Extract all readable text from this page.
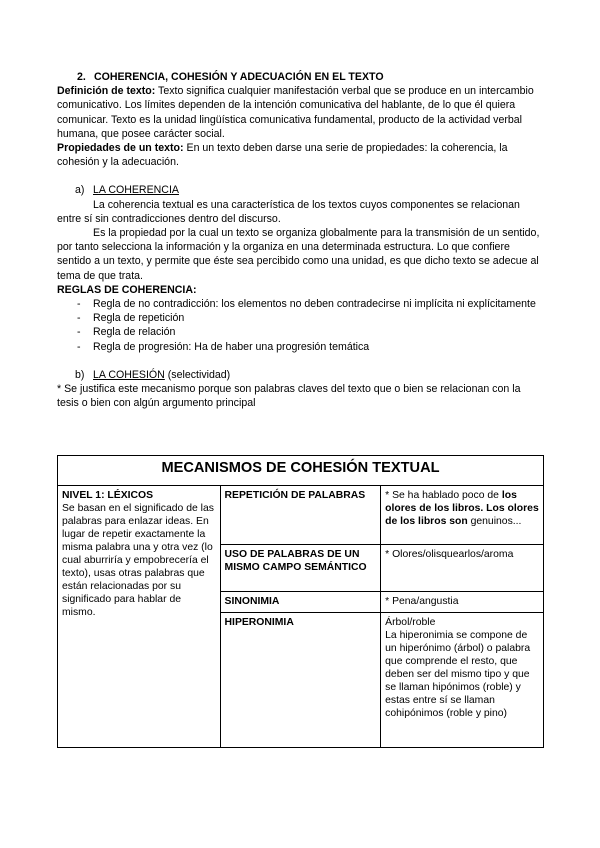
2. COHERENCIA, COHESIÓN Y ADECUACIÓN EN EL TEXTO

Definición de texto: Texto significa cualquier manifestación verbal que se produce en un intercambio comunicativo. Los límites dependen de la intención comunicativa del hablante, de lo que él quiera comunicar. Texto es la unidad lingüística comunicativa fundamental, producto de la actividad verbal humana, que posee carácter social.

Propiedades de un texto: En un texto deben darse una serie de propiedades: la coherencia, la cohesión y la adecuación.

a) LA COHERENCIA

La coherencia textual es una característica de los textos cuyos componentes se relacionan entre sí sin contradicciones dentro del discurso.

Es la propiedad por la cual un texto se organiza globalmente para la transmisión de un sentido, por tanto selecciona la información y la organiza en una determinada estructura. Lo que confiere sentido a un texto, y permite que éste sea percibido como una unidad, es que dicho texto se adecue al tema de que trata.

REGLAS DE COHERENCIA:

- Regla de no contradicción: los elementos no deben contradecirse ni implícita ni explícitamente
- Regla de repetición
- Regla de relación
- Regla de progresión: Ha de haber una progresión temática

b) LA COHESIÓN (selectividad)

* Se justifica este mecanismo porque son palabras claves del texto que o bien se relacionan con la tesis o bien con algún argumento principal

MECANISMOS DE COHESIÓN TEXTUAL		

NIVEL 1: LÉXICOS
Se basan en el significado de las palabras para enlazar ideas. En lugar de repetir exactamente la misma palabra una y otra vez (lo cual aburriría y empobrecería el texto), usas otras palabras que están relacionadas por su significado para hablar de mismo.	REPETICIÓN DE PALABRAS	* Se ha hablado poco de los olores de los libros. Los olores de los libros son genuinos...
	USO DE PALABRAS DE UN MISMO CAMPO SEMÁNTICO	* Olores/olisquearlos/aroma
	SINONIMIA	* Pena/angustia
	HIPERONIMIA	Árbol/roble
La hiperonimia se compone de un hiperónimo (árbol) o palabra que comprende el resto, que deben ser del mismo tipo y que se llaman hipónimos (roble) y estas entre sí se llaman cohipónimos (roble y pino)
